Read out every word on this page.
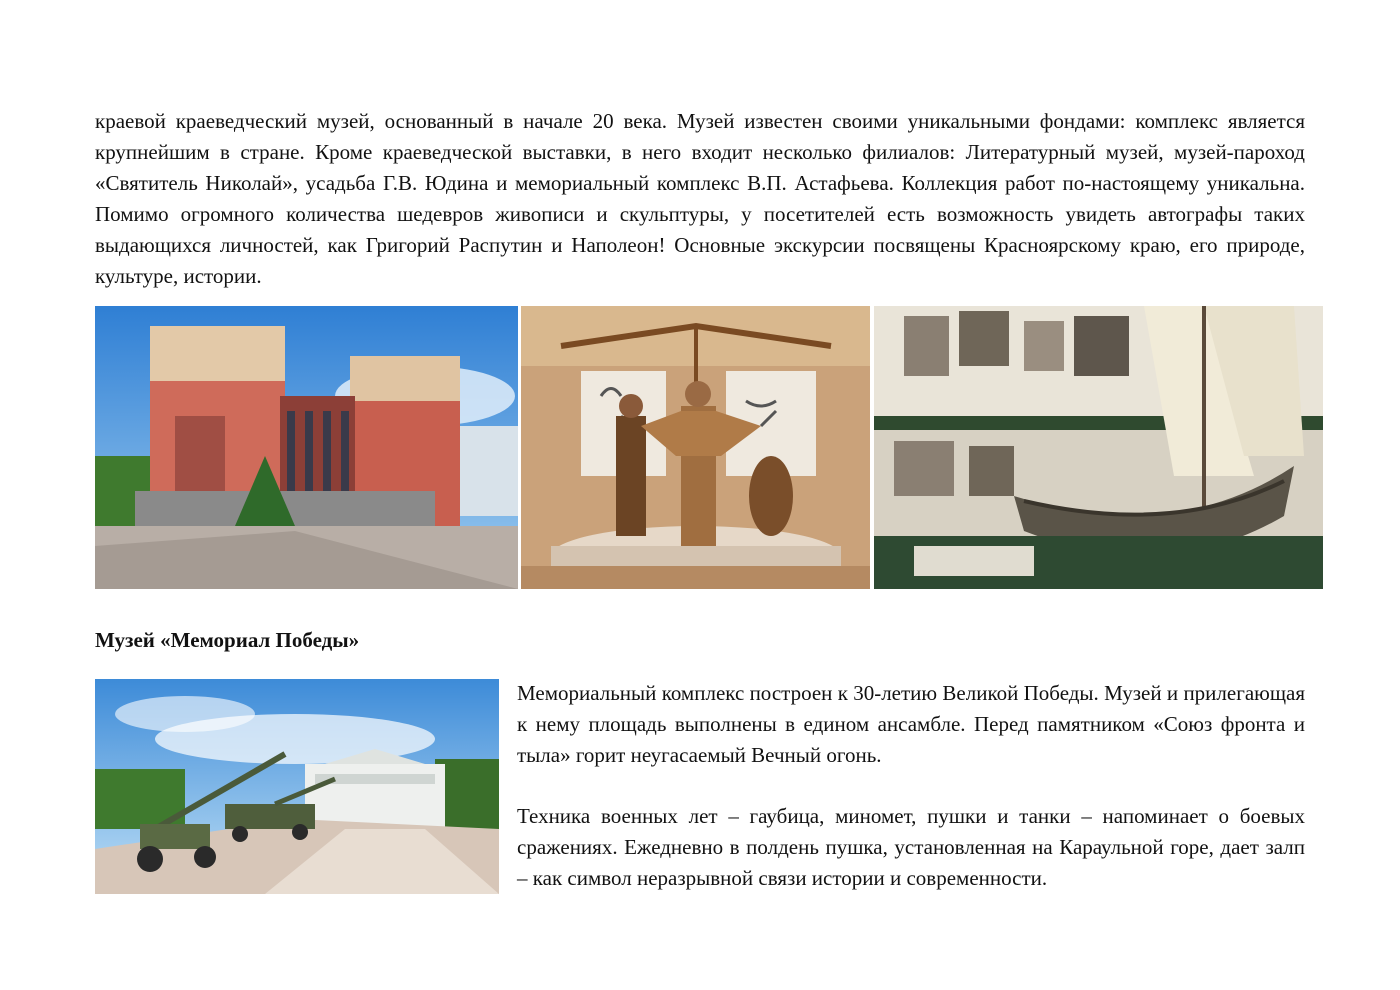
краевой краеведческий музей, основанный в начале 20 века. Музей известен своими уникальными фондами: комплекс является крупнейшим в стране. Кроме краеведческой выставки, в него входит несколько филиалов: Литературный музей, музей-пароход «Святитель Николай», усадьба Г.В. Юдина и мемориальный комплекс В.П. Астафьева. Коллекция работ по-настоящему уникальна. Помимо огромного количества шедевров живописи и скульптуры, у посетителей есть возможность увидеть автографы таких выдающихся личностей, как Григорий Распутин и Наполеон! Основные экскурсии посвящены Красноярскому краю, его природе, культуре, истории.

Музей «Мемориал Победы»

Мемориальный комплекс построен к 30-летию Великой Победы. Музей и прилегающая к нему площадь выполнены в едином ансамбле. Перед памятником «Союз фронта и тыла» горит неугасаемый Вечный огонь.

Техника военных лет – гаубица, миномет, пушки и танки – напоминает о боевых сражениях. Ежедневно в полдень пушка, установленная на Караульной горе, дает залп – как символ неразрывной связи истории и современности.
